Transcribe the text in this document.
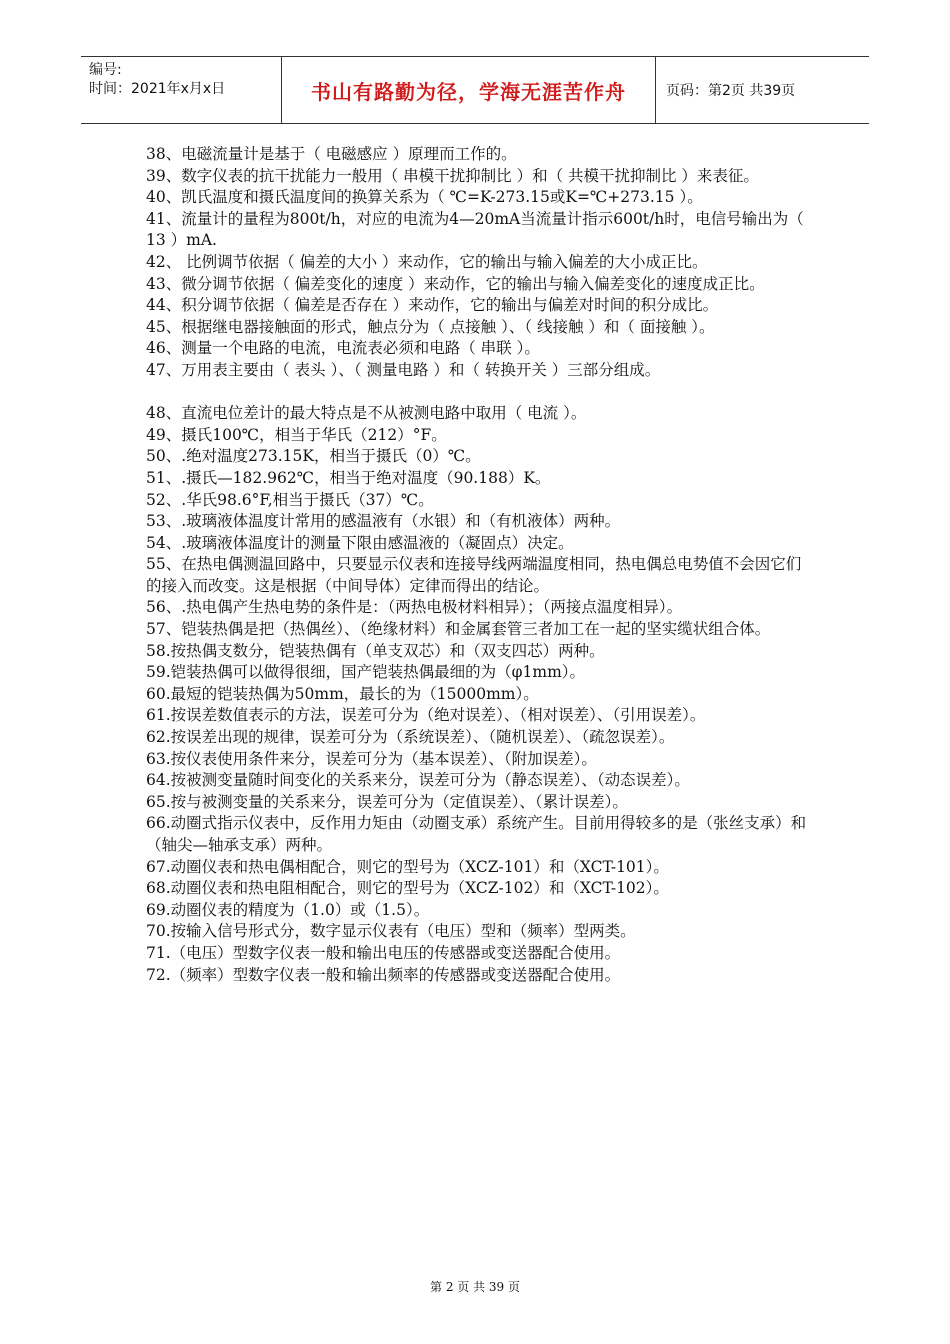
编号:
时间：2021年x月x日	书山有路勤为径，学海无涯苦作舟	页码：第2页 共39页

38、电磁流量计是基于（ 电磁感应 ）原理而工作的。

39、数字仪表的抗干扰能力一般用（ 串模干扰抑制比 ）和（ 共模干扰抑制比 ）来表征。

40、凯氏温度和摄氏温度间的换算关系为（ ℃=K-273.15或K=℃+273.15 ）。

41、流量计的量程为800t/h，对应的电流为4—20mA当流量计指示600t/h时，电信号输出为（ 13 ）mA.

42、 比例调节依据（ 偏差的大小 ）来动作，它的输出与输入偏差的大小成正比。

43、微分调节依据（ 偏差变化的速度 ）来动作，它的输出与输入偏差变化的速度成正比。

44、积分调节依据（ 偏差是否存在 ）来动作，它的输出与偏差对时间的积分成比。

45、根据继电器接触面的形式，触点分为（ 点接触 ）、（ 线接触 ）和（ 面接触 ）。

46、测量一个电路的电流，电流表必须和电路（ 串联 ）。

47、万用表主要由（ 表头 ）、（ 测量电路 ）和（ 转换开关 ）三部分组成。

48、直流电位差计的最大特点是不从被测电路中取用（ 电流 ）。

49、摄氏100℃，相当于华氏（212）°F。

50、.绝对温度273.15K，相当于摄氏（0）℃。

51、.摄氏—182.962℃，相当于绝对温度（90.188）K。

52、.华氏98.6°F,相当于摄氏（37）℃。

53、.玻璃液体温度计常用的感温液有（水银）和（有机液体）两种。

54、.玻璃液体温度计的测量下限由感温液的（凝固点）决定。

55、在热电偶测温回路中，只要显示仪表和连接导线两端温度相同，热电偶总电势值不会因它们的接入而改变。这是根据（中间导体）定律而得出的结论。

56、.热电偶产生热电势的条件是：（两热电极材料相异）；（两接点温度相异）。

57、铠装热偶是把（热偶丝）、（绝缘材料）和金属套管三者加工在一起的坚实缆状组合体。

58.按热偶支数分，铠装热偶有（单支双芯）和（双支四芯）两种。

59.铠装热偶可以做得很细，国产铠装热偶最细的为（φ1mm）。

60.最短的铠装热偶为50mm，最长的为（15000mm）。

61.按误差数值表示的方法，误差可分为（绝对误差）、（相对误差）、（引用误差）。

62.按误差出现的规律，误差可分为（系统误差）、（随机误差）、（疏忽误差）。

63.按仪表使用条件来分，误差可分为（基本误差）、（附加误差）。

64.按被测变量随时间变化的关系来分，误差可分为（静态误差）、（动态误差）。

65.按与被测变量的关系来分，误差可分为（定值误差）、（累计误差）。

66.动圈式指示仪表中，反作用力矩由（动圈支承）系统产生。目前用得较多的是（张丝支承）和（轴尖—轴承支承）两种。

67.动圈仪表和热电偶相配合，则它的型号为（XCZ-101）和（XCT-101）。

68.动圈仪表和热电阻相配合，则它的型号为（XCZ-102）和（XCT-102）。

69.动圈仪表的精度为（1.0）或（1.5）。

70.按输入信号形式分，数字显示仪表有（电压）型和（频率）型两类。

71.（电压）型数字仪表一般和输出电压的传感器或变送器配合使用。

72.（频率）型数字仪表一般和输出频率的传感器或变送器配合使用。

第 2 页 共 39 页
